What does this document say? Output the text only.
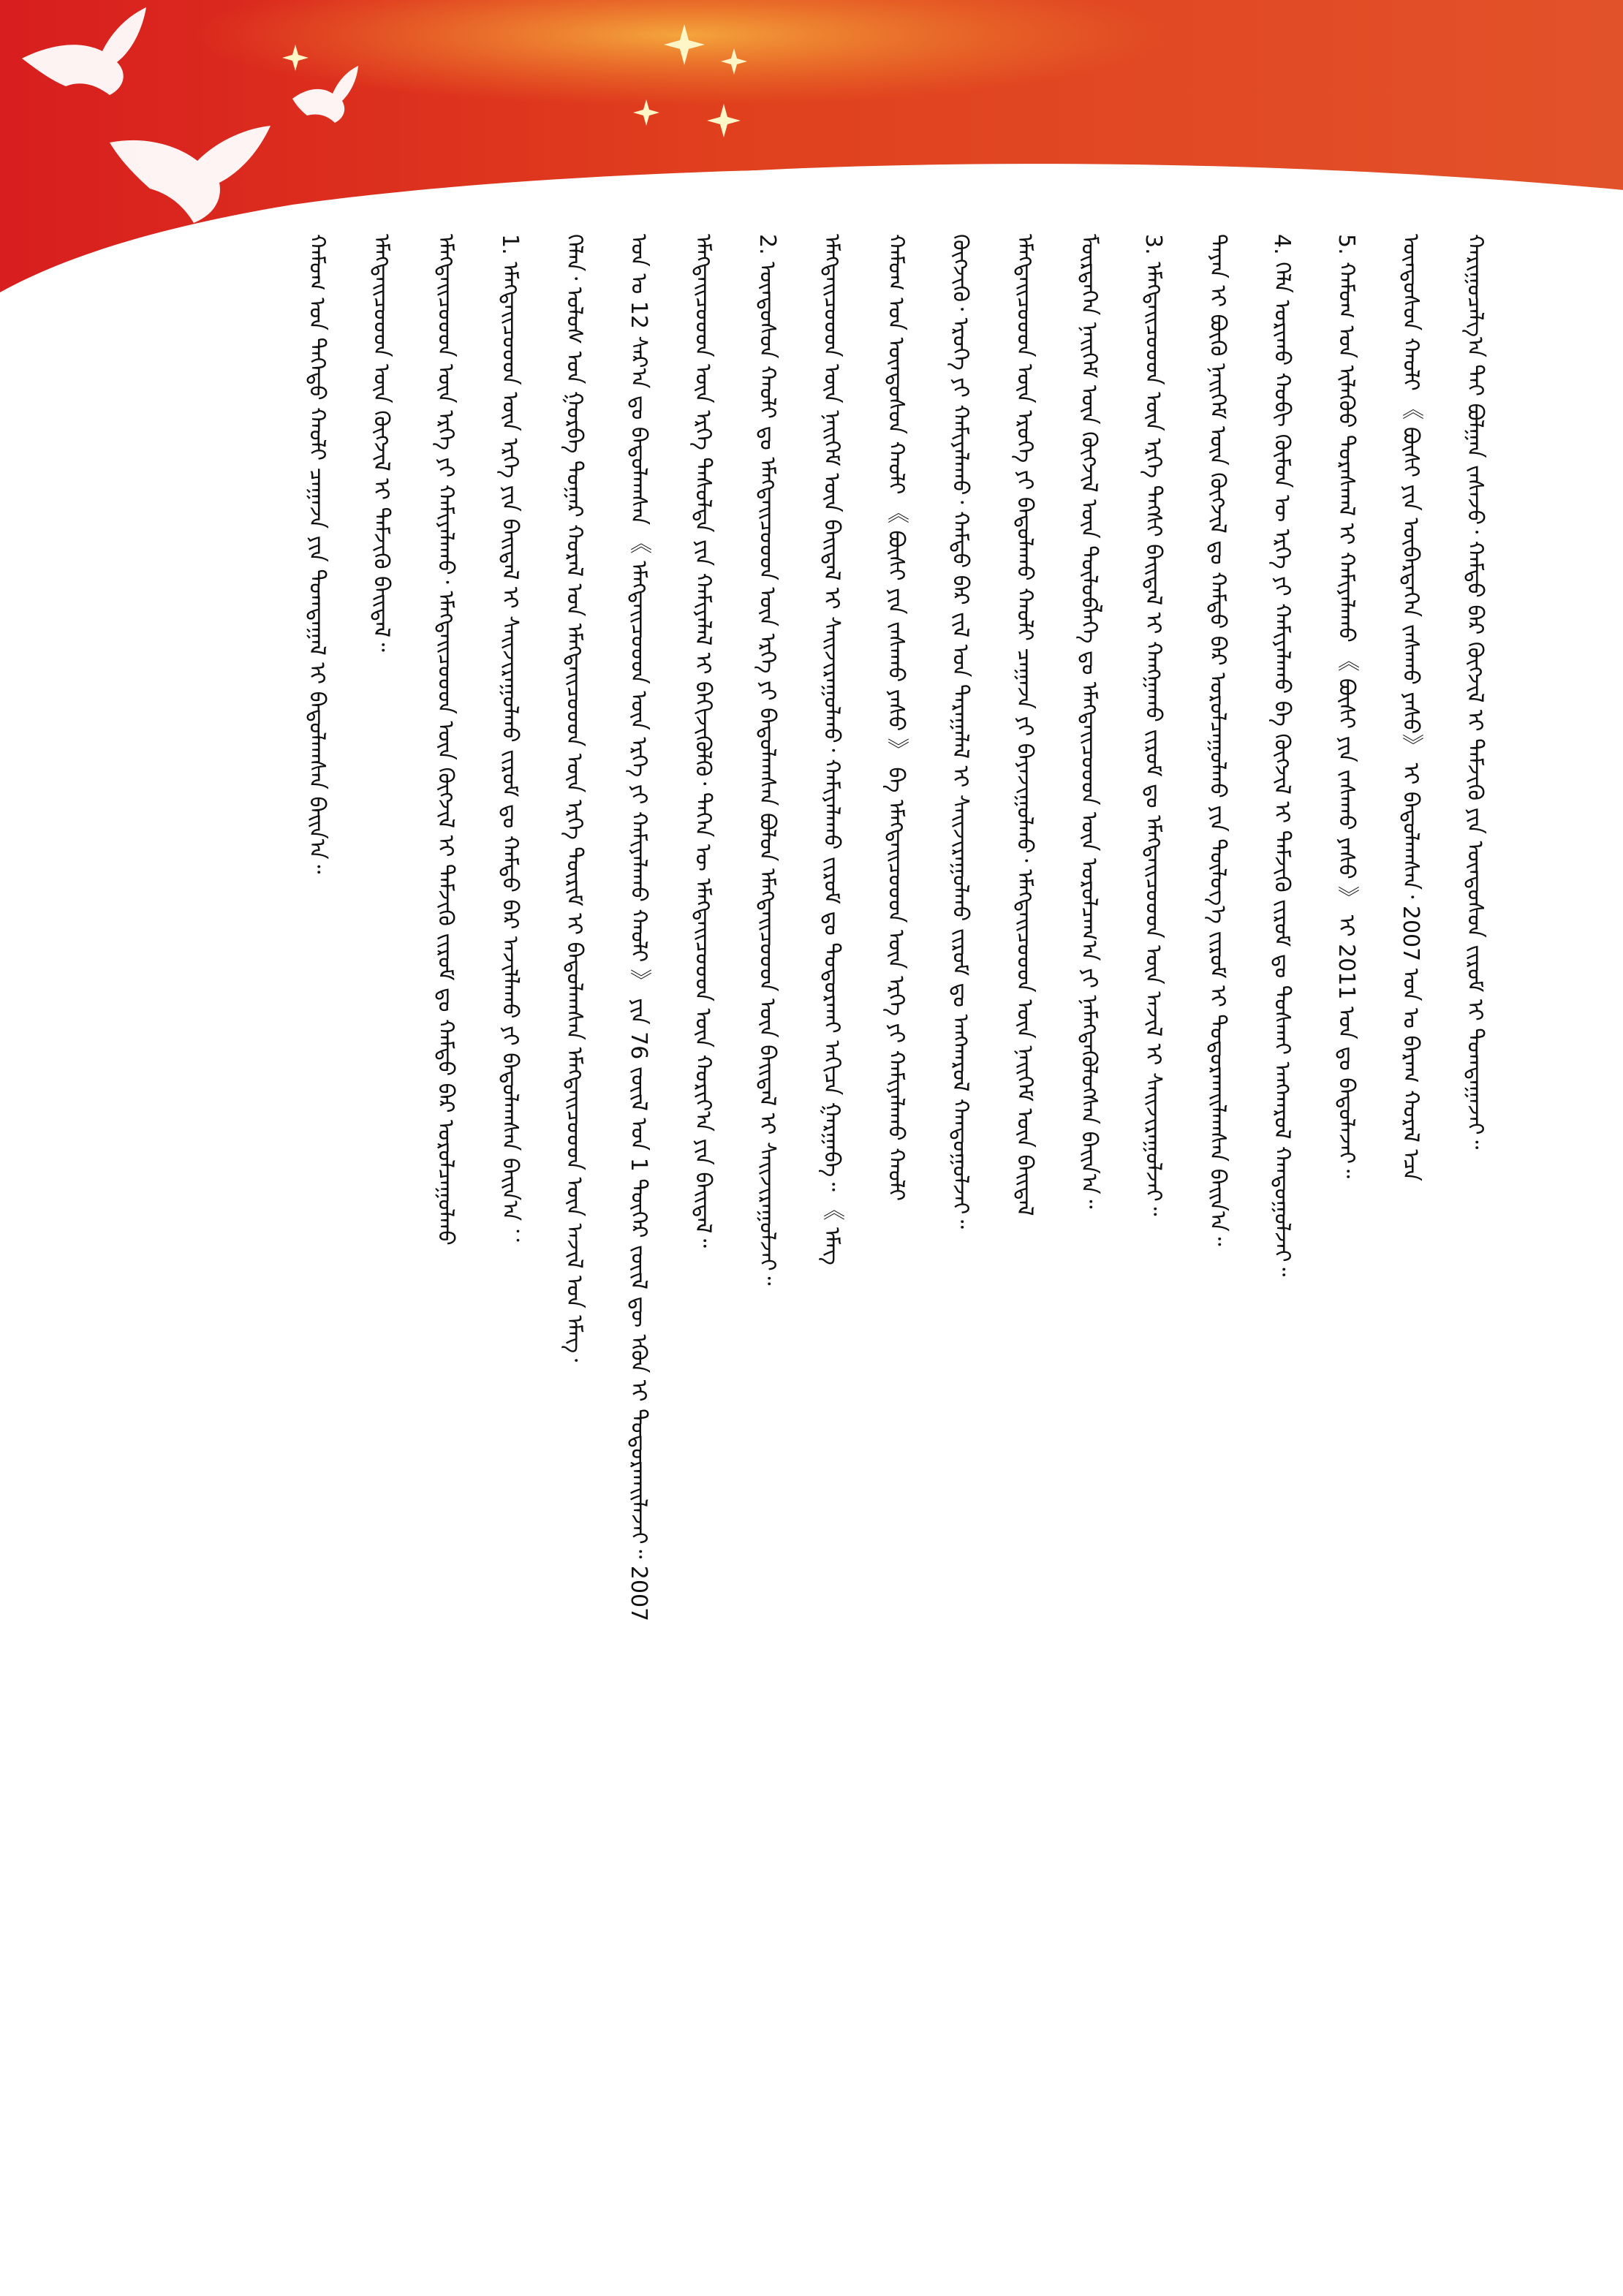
ᠬᠠᠷᠢᠭᠤᠴᠠᠯᠭ᠎ᠠ ᠲᠠᠢ ᠪᠣᠯᠭᠠᠨ ᠵᠠᠰᠠᠵᠤ᠂ ᠬᠠᠮᠲᠤ ᠪᠡᠷ ᠬᠥᠭᠵᠢᠯ ᠢ ᠳᠡᠮᠵᠢᠬᠦ ᠶᠢᠨ ᠦᠨᠳᠦᠰᠦᠨ ᠵᠢᠷᠤᠮ ᠢ ᠲᠣᠭᠲᠠᠭᠠᠵᠠᠢ᠃
ᠦᠨᠳᠦᠰᠦᠨ ᠬᠠᠤᠯᠢ 《 ᠪᠦᠰᠢ ᠶᠢᠨ ᠥᠪᠡᠷᠲᠡᠭᠡᠨ ᠵᠠᠰᠠᠬᠤ ᠶᠠᠰᠤ》 ᠢ ᠪᠠᠲᠤᠯᠠᠭᠰᠠᠨ᠂ 2007 ᠣᠨ ᠤ ᠪᠠᠷᠠᠭ ᠬᠤᠷᠠᠯ ᠡᠴᠡ
5. ᠬᠠᠮᠤᠭ ᠤᠨ ᠢᠯᠡᠭᠦᠦ ᠳᠤᠷᠠᠰᠬᠠᠯ ᠢ ᠬᠠᠮᠢᠶᠠᠯᠠᠬᠤ 《 ᠪᠦᠰᠢ ᠶᠢᠨ ᠵᠠᠰᠠᠬᠤ ᠶᠠᠰᠤ 》 ᠢ 2011 ᠣᠨ ᠳᠤ ᠪᠠᠲᠤᠯᠠᠵᠠᠢ᠃
4. ᠬᠡᠯᠡ ᠤᠷᠢᠬᠤ ᠬᠤᠪᠢ ᠬᠦᠮᠦᠨ ᠦ ᠡᠷᠬᠡ ᠶᠢ ᠬᠠᠮᠢᠶᠠᠯᠠᠬᠤ ᠪᠠ ᠬᠥᠭᠵᠢᠯ ᠢ ᠳᠡᠮᠵᠢᠬᠦ ᠵᠢᠷᠤᠮ ᠳᠤ ᠲᠤᠰᠬᠠᠢ ᠠᠩᠬᠠᠷᠤᠯ ᠬᠠᠨᠳᠤᠭᠤᠯᠵᠠᠢ᠃
ᠳᠠᠶᠠᠨ ᠢ ᠪᠦᠬᠦ ᠨᠡᠢᠭᠡᠮ ᠦᠨ ᠬᠥᠭᠵᠢᠯ ᠳᠤ ᠬᠠᠮᠲᠤ ᠪᠡᠷ ᠤᠷᠤᠯᠴᠠᠭᠤᠯᠬᠤ ᠶᠢᠨ ᠲᠥᠯᠦᠭ᠎ᠡ ᠵᠢᠷᠤᠮ ᠢ ᠲᠣᠳᠤᠷᠬᠠᠢᠯᠠᠭᠰᠠᠨ ᠪᠠᠢᠨ᠎ᠠ᠃
3. ᠡᠮᠡᠭᠲᠡᠢᠴᠦᠦᠳ ᠦᠨ ᠡᠷᠬᠡ ᠲᠡᠭᠰᠢ ᠪᠠᠢᠳᠠᠯ ᠢ ᠬᠠᠩᠭᠠᠬᠤ ᠵᠢᠷᠤᠮ ᠳᠤ ᠡᠮᠡᠭᠲᠡᠢᠴᠦᠦᠳ ᠦᠨ ᠠᠵᠢᠯ ᠢ ᠰᠠᠢᠵᠢᠷᠠᠭᠤᠯᠵᠠᠢ᠃
ᠮᠥᠷᠲᠡᠭᠡᠨ ᠨᠡᠢᠭᠡᠮ ᠦᠨ ᠬᠥᠭᠵᠢᠯ ᠦᠨ ᠲᠥᠯᠦᠪᠯᠡᠭᠡ ᠳᠤ ᠡᠮᠡᠭᠲᠡᠢᠴᠦᠦᠳ ᠦᠨ ᠣᠷᠣᠯᠴᠠᠭ᠎ᠠ ᠶᠢ ᠨᠡᠮᠡᠭᠳᠡᠭᠦᠯᠦᠭᠰᠡᠨ ᠪᠠᠢᠨ᠎ᠠ᠃
ᠡᠮᠡᠭᠲᠡᠢᠴᠦᠦᠳ ᠦᠨ ᠡᠷᠦᠬᠡ ᠶᠢ ᠪᠠᠲᠤᠯᠠᠬᠤ ᠬᠠᠤᠯᠢ ᠴᠠᠭᠠᠵᠠ ᠶᠢ ᠪᠠᠶᠠᠵᠢᠭᠤᠯᠬᠤ᠂ ᠡᠮᠡᠭᠲᠡᠢᠴᠦᠦᠳ ᠦᠨ ᠨᠡᠢᠭᠡᠮ ᠦᠨ ᠪᠠᠢᠳᠠᠯ
ᠬᠥᠭᠵᠢᠬᠦ᠂ ᠡᠷᠦᠬᠡ ᠶᠢ ᠬᠠᠮᠢᠶᠠᠯᠠᠬᠤ᠂ ᠬᠠᠮᠲᠤ ᠪᠡᠷ ᠵᠢᠯ ᠤᠨ ᠳᠠᠷᠠᠭᠠᠯᠠᠯ ᠢ ᠰᠠᠢᠵᠢᠷᠠᠭᠤᠯᠬᠤ ᠵᠢᠷᠤᠮ ᠳᠤ ᠠᠩᠬᠠᠷᠤᠯ ᠬᠠᠨᠳᠤᠭᠤᠯᠵᠠᠢ᠃
ᠬᠠᠮᠤᠭ ᠤᠨ ᠦᠨᠳᠦᠰᠦᠨ ᠬᠠᠤᠯᠢ 《 ᠪᠦᠰᠢ ᠶᠢᠨ ᠵᠠᠰᠠᠬᠤ ᠶᠠᠰᠤ 》 ᠪᠠ ᠡᠮᠡᠭᠲᠡᠢᠴᠦᠦᠳ ᠦᠨ ᠡᠷᠬᠡ ᠶᠢ ᠬᠠᠮᠢᠶᠠᠯᠠᠬᠤ ᠬᠠᠤᠯᠢ
ᠡᠮᠡᠭᠲᠡᠢᠴᠦᠦᠳ ᠦᠨ ᠨᠡᠢᠭᠡᠮ ᠦᠨ ᠪᠠᠢᠳᠠᠯ ᠢ ᠰᠠᠢᠵᠢᠷᠠᠭᠤᠯᠬᠤ᠂ ᠬᠠᠮᠢᠶᠠᠯᠠᠬᠤ ᠵᠢᠷᠤᠮ ᠳᠤ ᠲᠣᠳᠤᠷᠬᠠᠢ ᠠᠬᠢᠴᠠ ᠭᠠᠷᠭᠠᠪᠠ᠃ 《 ᠡᠮᠡᠭ
2. ᠦᠨᠳᠦᠰᠦᠨ ᠬᠠᠤᠯᠢ ᠳᠤ ᠡᠮᠡᠭᠲᠡᠢᠴᠦᠦᠳ ᠦᠨ ᠡᠷᠬᠡ ᠶᠢ ᠪᠠᠲᠤᠯᠠᠭᠰᠠᠨ ᠪᠣᠯᠤᠨ ᠡᠮᠡᠭᠲᠡᠢᠴᠦᠦᠳ ᠦᠨ ᠪᠠᠢᠳᠠᠯ ᠢ ᠰᠠᠢᠵᠢᠷᠠᠭᠤᠯᠵᠠᠢ᠃
ᠡᠮᠡᠭᠲᠡᠢᠴᠦᠦᠳ ᠦᠨ ᠡᠷᠬᠡ ᠳᠠᠰᠤᠯᠳᠠ ᠶᠢᠨ ᠬᠠᠮᠢᠶᠠᠯᠠᠯ ᠢ ᠪᠡᠬᠢᠵᠢᠭᠦᠯᠬᠦ᠂ ᠲᠡᠭᠡᠨ ᠦ ᠡᠮᠡᠭᠲᠡᠢᠴᠦᠦᠳ ᠦᠨ ᠬᠣᠷᠢᠶ᠎ᠠ ᠶᠢᠨ ᠪᠠᠢᠳᠠᠯ᠃
ᠣᠨ ᠤ 12 ᠰᠠᠷ᠎ᠠ ᠳᠤ ᠪᠠᠲᠤᠯᠠᠭᠰᠠᠨ 《 ᠡᠮᠡᠭᠲᠡᠢᠴᠦᠦᠳ ᠦᠨ ᠡᠷᠬᠡ ᠶᠢ ᠬᠠᠮᠢᠶᠠᠯᠠᠬᠤ ᠬᠠᠤᠯᠢ 》 ᠶᠢᠨ 76 ᠵᠦᠢᠯ ᠤᠨ 1 ᠳᠦᠭᠡᠷ ᠵᠦᠢᠯ ᠳᠦ ᠡᠭᠦᠨ ᠢ ᠲᠣᠳᠤᠷᠬᠠᠢᠯᠠᠵᠠᠢ᠃ 2007
ᠬᠡᠯᠡᠨ᠂ ᠤᠯᠤᠰ ᠤᠨ ᠭᠤᠷᠪᠠ ᠳᠤᠭᠠᠷ ᠬᠤᠷᠠᠯ ᠤᠨ ᠡᠮᠡᠭᠲᠡᠢᠴᠦᠦᠳ ᠦᠨ ᠡᠷᠬᠡ ᠳᠦᠷᠢᠮ ᠢ ᠪᠠᠲᠤᠯᠠᠭᠰᠠᠨ ᠡᠮᠡᠭᠲᠡᠢᠴᠦᠦᠳ ᠦᠨ ᠠᠵᠢᠯ ᠤᠨ ᠡᠮᠡᠭ᠂
1. ᠡᠮᠡᠭᠲᠡᠢᠴᠦᠦᠳ ᠦᠨ ᠡᠷᠬᠡ ᠶᠢᠨ ᠪᠠᠢᠳᠠᠯ ᠢ ᠰᠠᠢᠵᠢᠷᠠᠭᠤᠯᠬᠤ ᠵᠢᠷᠤᠮ ᠳᠤ ᠬᠠᠮᠲᠤ ᠪᠡᠷ ᠠᠵᠢᠯᠯᠠᠬᠤ ᠶᠢ ᠪᠠᠲᠤᠯᠠᠭᠰᠠᠨ ᠪᠠᠢᠨ᠎ᠠ ：
ᠡᠮᠡᠭᠲᠡᠢᠴᠦᠦᠳ ᠦᠨ ᠡᠷᠬᠡ ᠶᠢ ᠬᠠᠮᠢᠶᠠᠯᠠᠬᠤ᠂ ᠡᠮᠡᠭᠲᠡᠢᠴᠦᠦᠳ ᠦᠨ ᠬᠥᠭᠵᠢᠯ ᠢ ᠳᠡᠮᠵᠢᠬᠦ ᠵᠢᠷᠤᠮ ᠳᠤ ᠬᠠᠮᠲᠤ ᠪᠡᠷ ᠤᠷᠤᠯᠴᠠᠭᠤᠯᠬᠤ
ᠡᠮᠡᠭᠲᠡᠢᠴᠦᠦᠳ ᠦᠨ ᠬᠥᠭᠵᠢᠯ ᠢ ᠳᠡᠮᠵᠢᠬᠦ ᠪᠠᠢᠳᠠᠯ᠃
ᠬᠠᠮᠤᠭ ᠤᠨ ᠳᠡᠭᠡᠳᠦ ᠬᠠᠤᠯᠢ ᠴᠠᠭᠠᠵᠠ ᠶᠢᠨ ᠲᠣᠭᠲᠠᠭᠠᠯ ᠢ ᠪᠠᠲᠤᠯᠠᠭᠰᠠᠨ ᠪᠠᠢᠨ᠎ᠠ᠃
